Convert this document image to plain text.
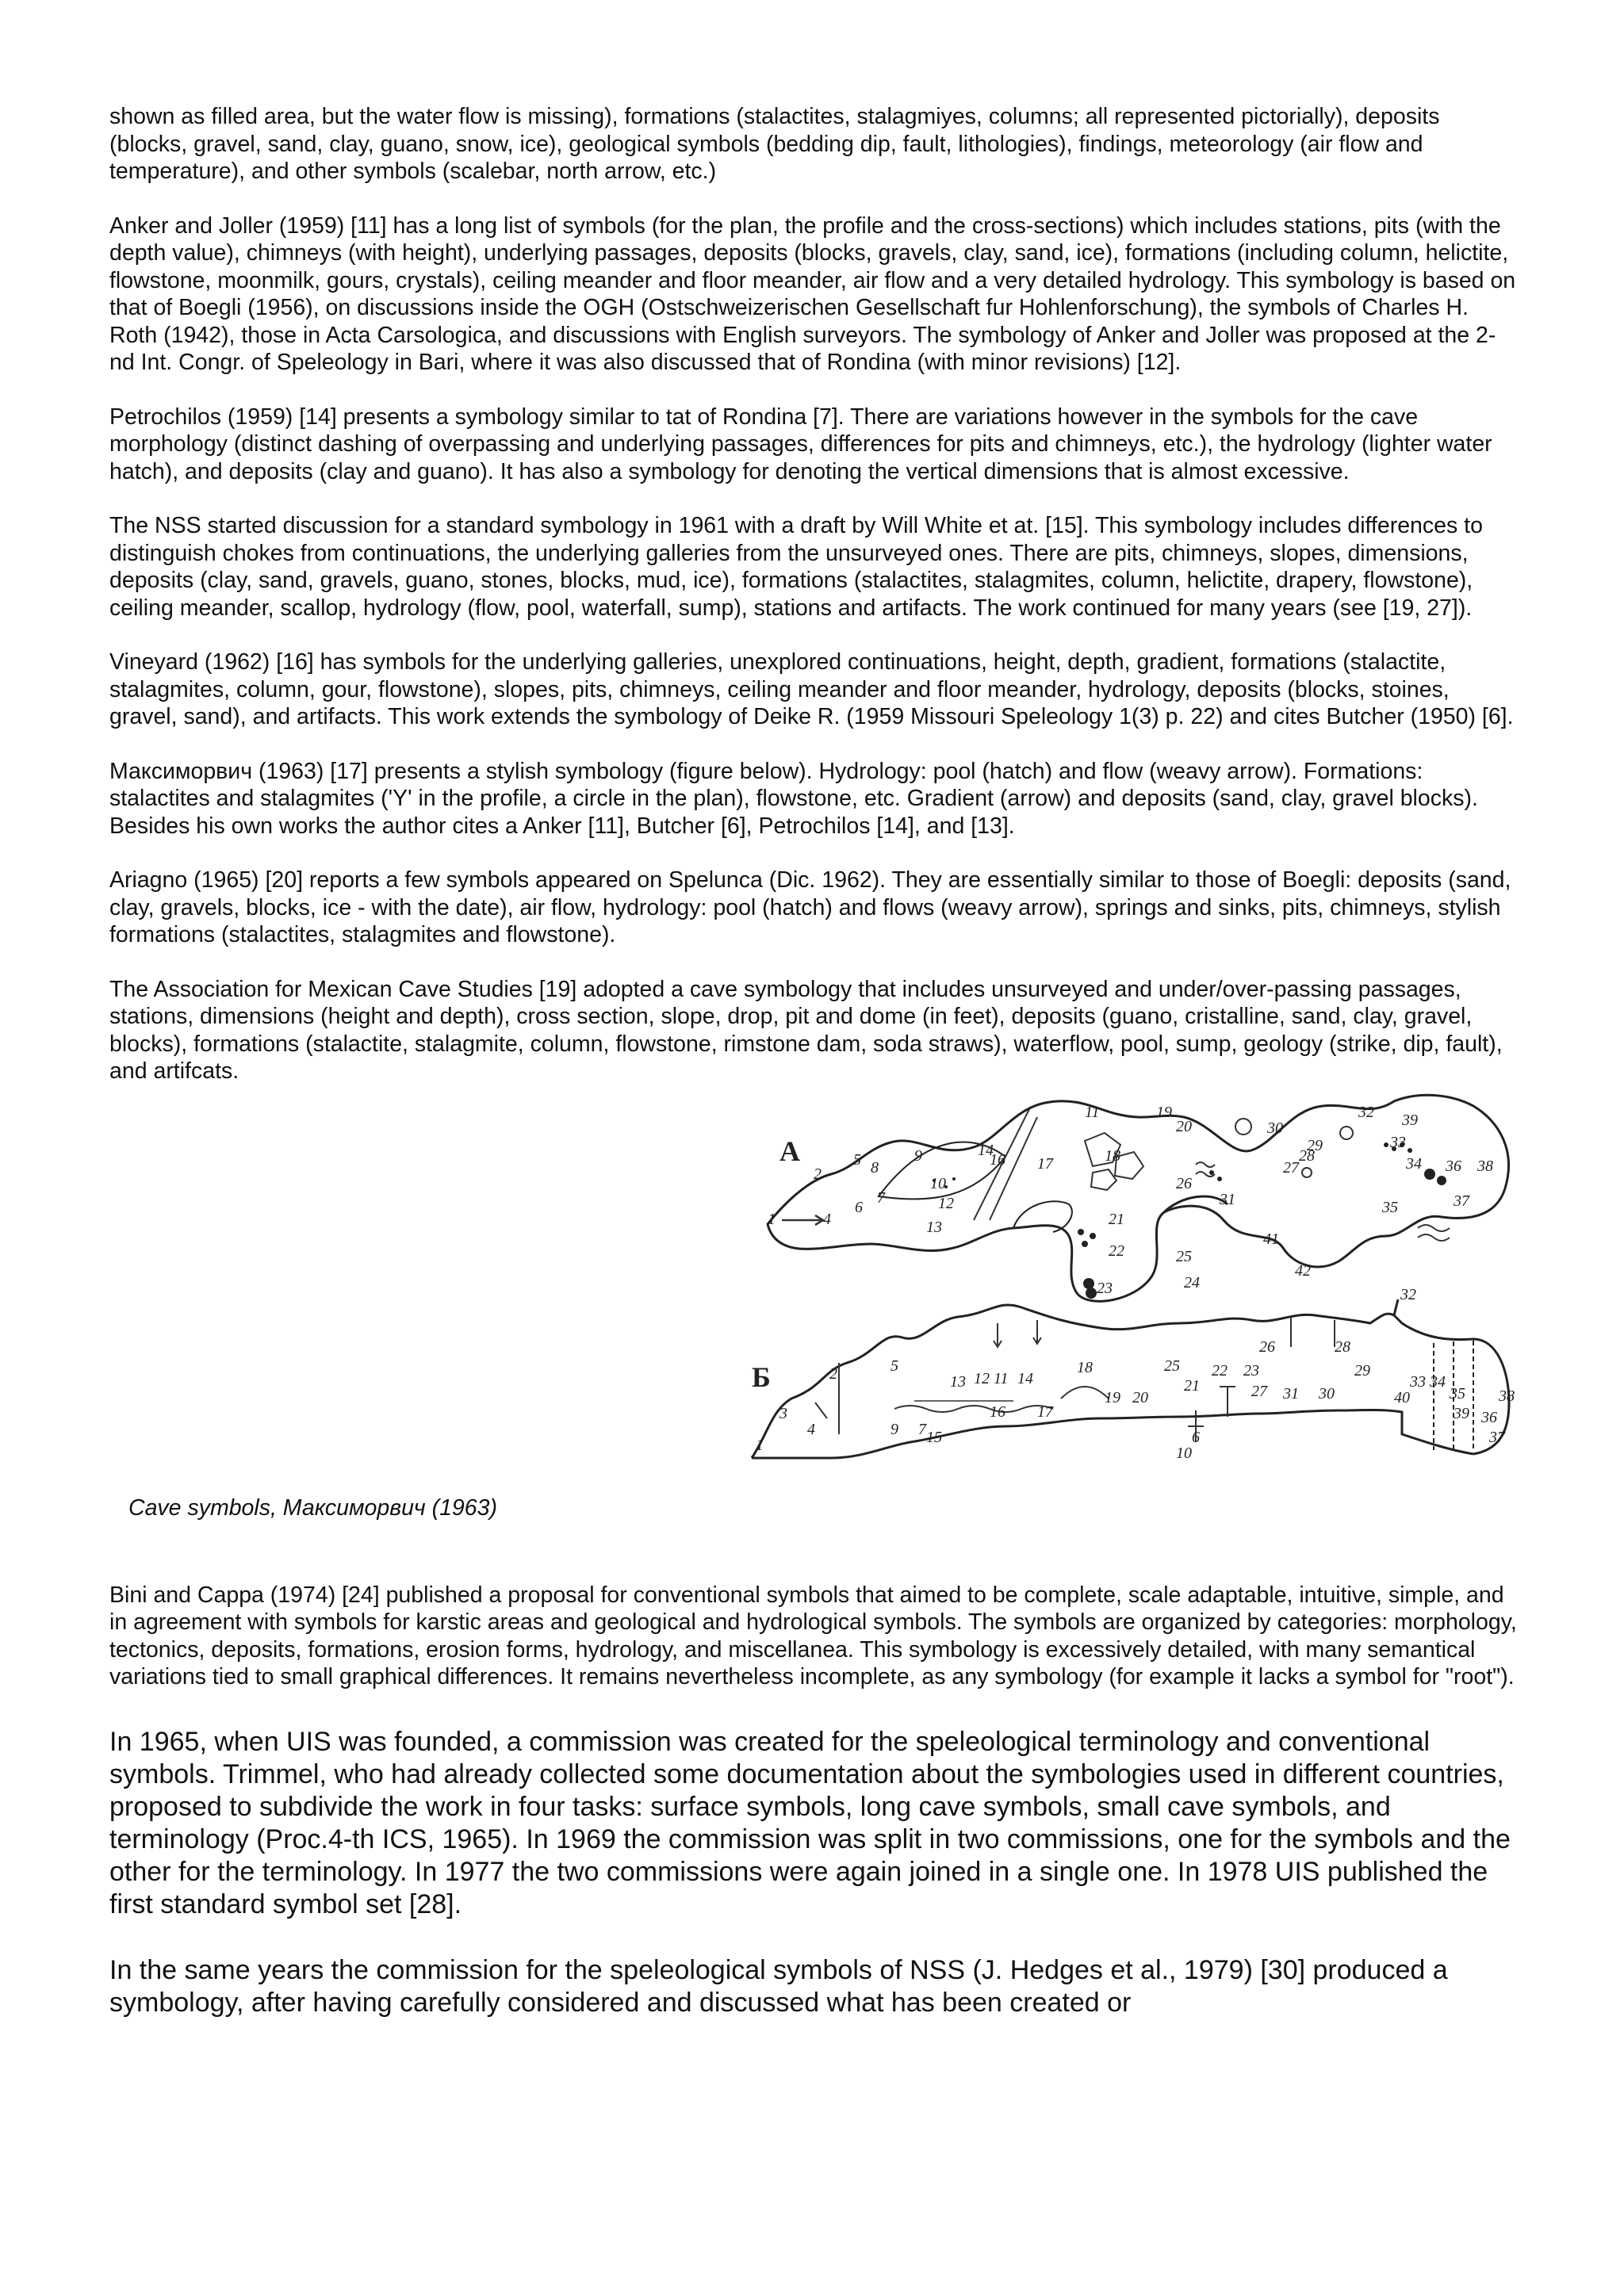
shown as filled area, but the water flow is missing), formations (stalactites, stalagmiyes, columns; all represented pictorially), deposits (blocks, gravel, sand, clay, guano, snow, ice), geological symbols (bedding dip, fault, lithologies), findings, meteorology (air flow and temperature), and other symbols (scalebar, north arrow, etc.)

Anker and Joller (1959) [11] has a long list of symbols (for the plan, the profile and the cross-sections) which includes stations, pits (with the depth value), chimneys (with height), underlying passages, deposits (blocks, gravels, clay, sand, ice), formations (including column, helictite, flowstone, moonmilk, gours, crystals), ceiling meander and floor meander, air flow and a very detailed hydrology. This symbology is based on that of Boegli (1956), on discussions inside the OGH (Ostschweizerischen Gesellschaft fur Hohlenforschung), the symbols of Charles H. Roth (1942), those in Acta Carsologica, and discussions with English surveyors. The symbology of Anker and Joller was proposed at the 2-nd Int. Congr. of Speleology in Bari, where it was also discussed that of Rondina (with minor revisions) [12].

Petrochilos (1959) [14] presents a symbology similar to tat of Rondina [7]. There are variations however in the symbols for the cave morphology (distinct dashing of overpassing and underlying passages, differences for pits and chimneys, etc.), the hydrology (lighter water hatch), and deposits (clay and guano). It has also a symbology for denoting the vertical dimensions that is almost excessive.

The NSS started discussion for a standard symbology in 1961 with a draft by Will White et at. [15]. This symbology includes differences to distinguish chokes from continuations, the underlying galleries from the unsurveyed ones. There are pits, chimneys, slopes, dimensions, deposits (clay, sand, gravels, guano, stones, blocks, mud, ice), formations (stalactites, stalagmites, column, helictite, drapery, flowstone), ceiling meander, scallop, hydrology (flow, pool, waterfall, sump), stations and artifacts. The work continued for many years (see [19, 27]).

Vineyard (1962) [16] has symbols for the underlying galleries, unexplored continuations, height, depth, gradient, formations (stalactite, stalagmites, column, gour, flowstone), slopes, pits, chimneys, ceiling meander and floor meander, hydrology, deposits (blocks, stoines, gravel, sand), and artifacts. This work extends the symbology of Deike R. (1959 Missouri Speleology 1(3) p. 22) and cites Butcher (1950) [6].

Максиморвич (1963) [17] presents a stylish symbology (figure below). Hydrology: pool (hatch) and flow (weavy arrow). Formations: stalactites and stalagmites ('Y' in the profile, a circle in the plan), flowstone, etc. Gradient (arrow) and deposits (sand, clay, gravel blocks). Besides his own works the author cites a Anker [11], Butcher [6], Petrochilos [14], and [13].

Ariagno (1965) [20] reports a few symbols appeared on Spelunca (Dic. 1962). They are essentially similar to those of Boegli: deposits (sand, clay, gravels, blocks, ice - with the date), air flow, hydrology: pool (hatch) and flows (weavy arrow), springs and sinks, pits, chimneys, stylish formations (stalactites, stalagmites and flowstone).

The Association for Mexican Cave Studies [19] adopted a cave symbology that includes unsurveyed and under/over-passing passages, stations, dimensions (height and depth), cross section, slope, drop, pit and dome (in feet), deposits (guano, cristalline, sand, clay, gravel, blocks), formations (stalactite, stalagmite, column, flowstone, rimstone dam, soda straws), waterflow, pool, sump, geology (strike, dip, fault), and artifcats.

А
1
2
4
5
6
7
8
9
10
11
12
13
14
16 17	18
19
20
21
22
23	24
25
26
27
28
29
30
31
32
33
34
35
36
37
38
39
41
42
Б
1
2
3
4
5
6
7
9
10
11
12
13	14
15
16 17
18
19 20
21
22 23
25
26
27
28
29
30
31
32
33 34
35
36
37
38
39
40

Cave symbols, Максиморвич (1963)

Bini and Cappa (1974) [24] published a proposal for conventional symbols that aimed to be complete, scale adaptable, intuitive, simple, and in agreement with symbols for karstic areas and geological and hydrological symbols. The symbols are organized by categories: morphology, tectonics, deposits, formations, erosion forms, hydrology, and miscellanea. This symbology is excessively detailed, with many semantical variations tied to small graphical differences. It remains nevertheless incomplete, as any symbology (for example it lacks a symbol for "root").

In 1965, when UIS was founded, a commission was created for the speleological terminology and conventional symbols. Trimmel, who had already collected some documentation about the symbologies used in different countries, proposed to subdivide the work in four tasks: surface symbols, long cave symbols, small cave symbols, and terminology (Proc.4-th ICS, 1965). In 1969 the commission was split in two commissions, one for the symbols and the other for the terminology. In 1977 the two commissions were again joined in a single one. In 1978 UIS published the first standard symbol set [28].

In the same years the commission for the speleological symbols of NSS (J. Hedges et al., 1979) [30] produced a symbology, after having carefully considered and discussed what has been created or
